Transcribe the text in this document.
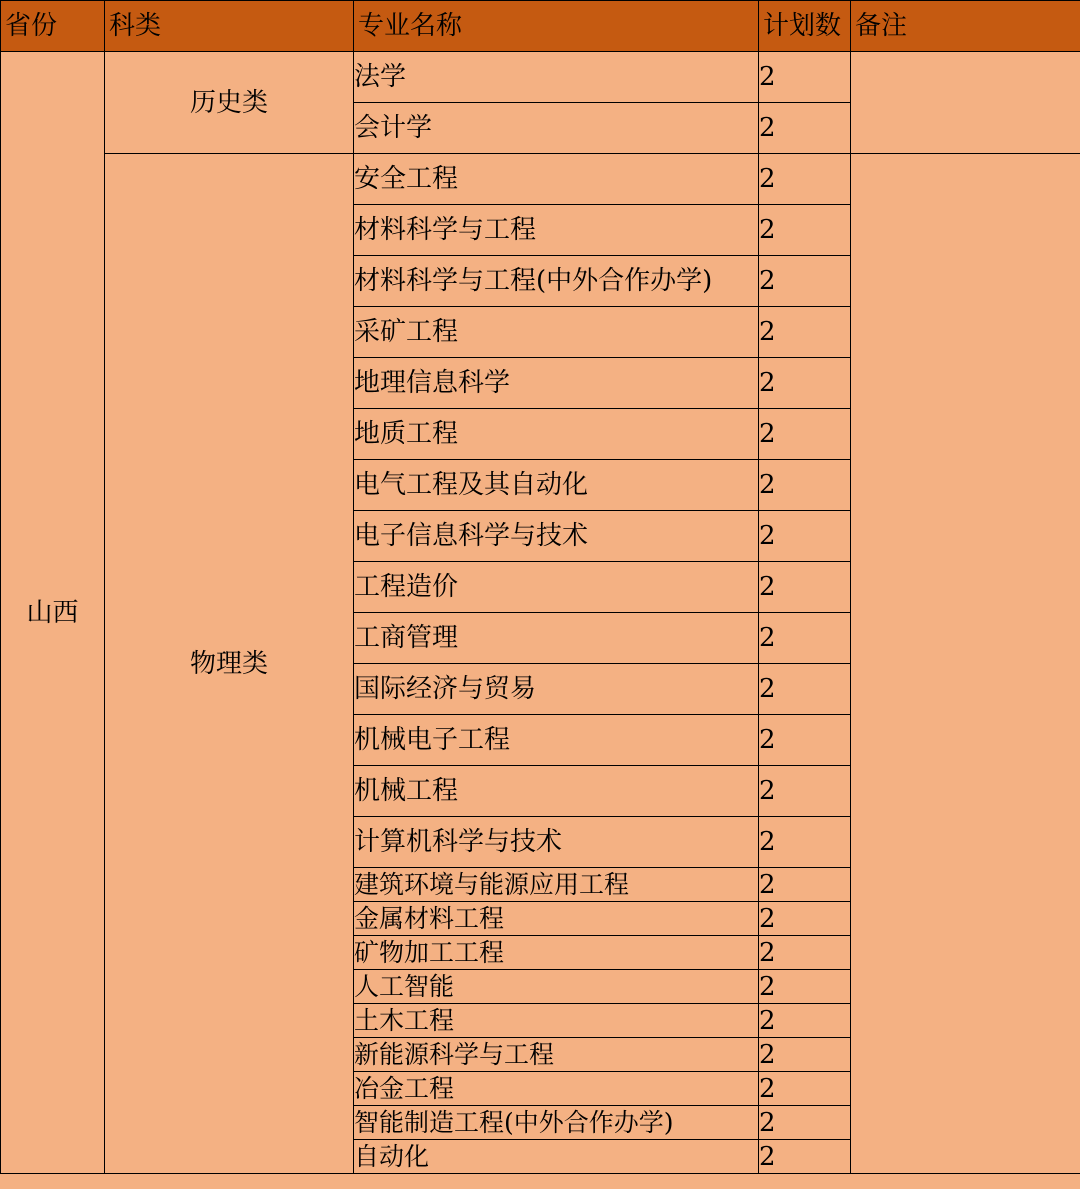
省份	科类	专业名称	计划数	备注
山西	历史类	法学	2	
		会计学	2	
	物理类	安全工程	2	
		材料科学与工程	2	
		材料科学与工程(中外合作办学)	2	
		采矿工程	2	
		地理信息科学	2	
		地质工程	2	
		电气工程及其自动化	2	
		电子信息科学与技术	2	
		工程造价	2	
		工商管理	2	
		国际经济与贸易	2	
		机械电子工程	2	
		机械工程	2	
		计算机科学与技术	2	
		建筑环境与能源应用工程	2	
		金属材料工程	2	
		矿物加工工程	2	
		人工智能	2	
		土木工程	2	
		新能源科学与工程	2	
		冶金工程	2	
		智能制造工程(中外合作办学)	2	
		自动化	2	
